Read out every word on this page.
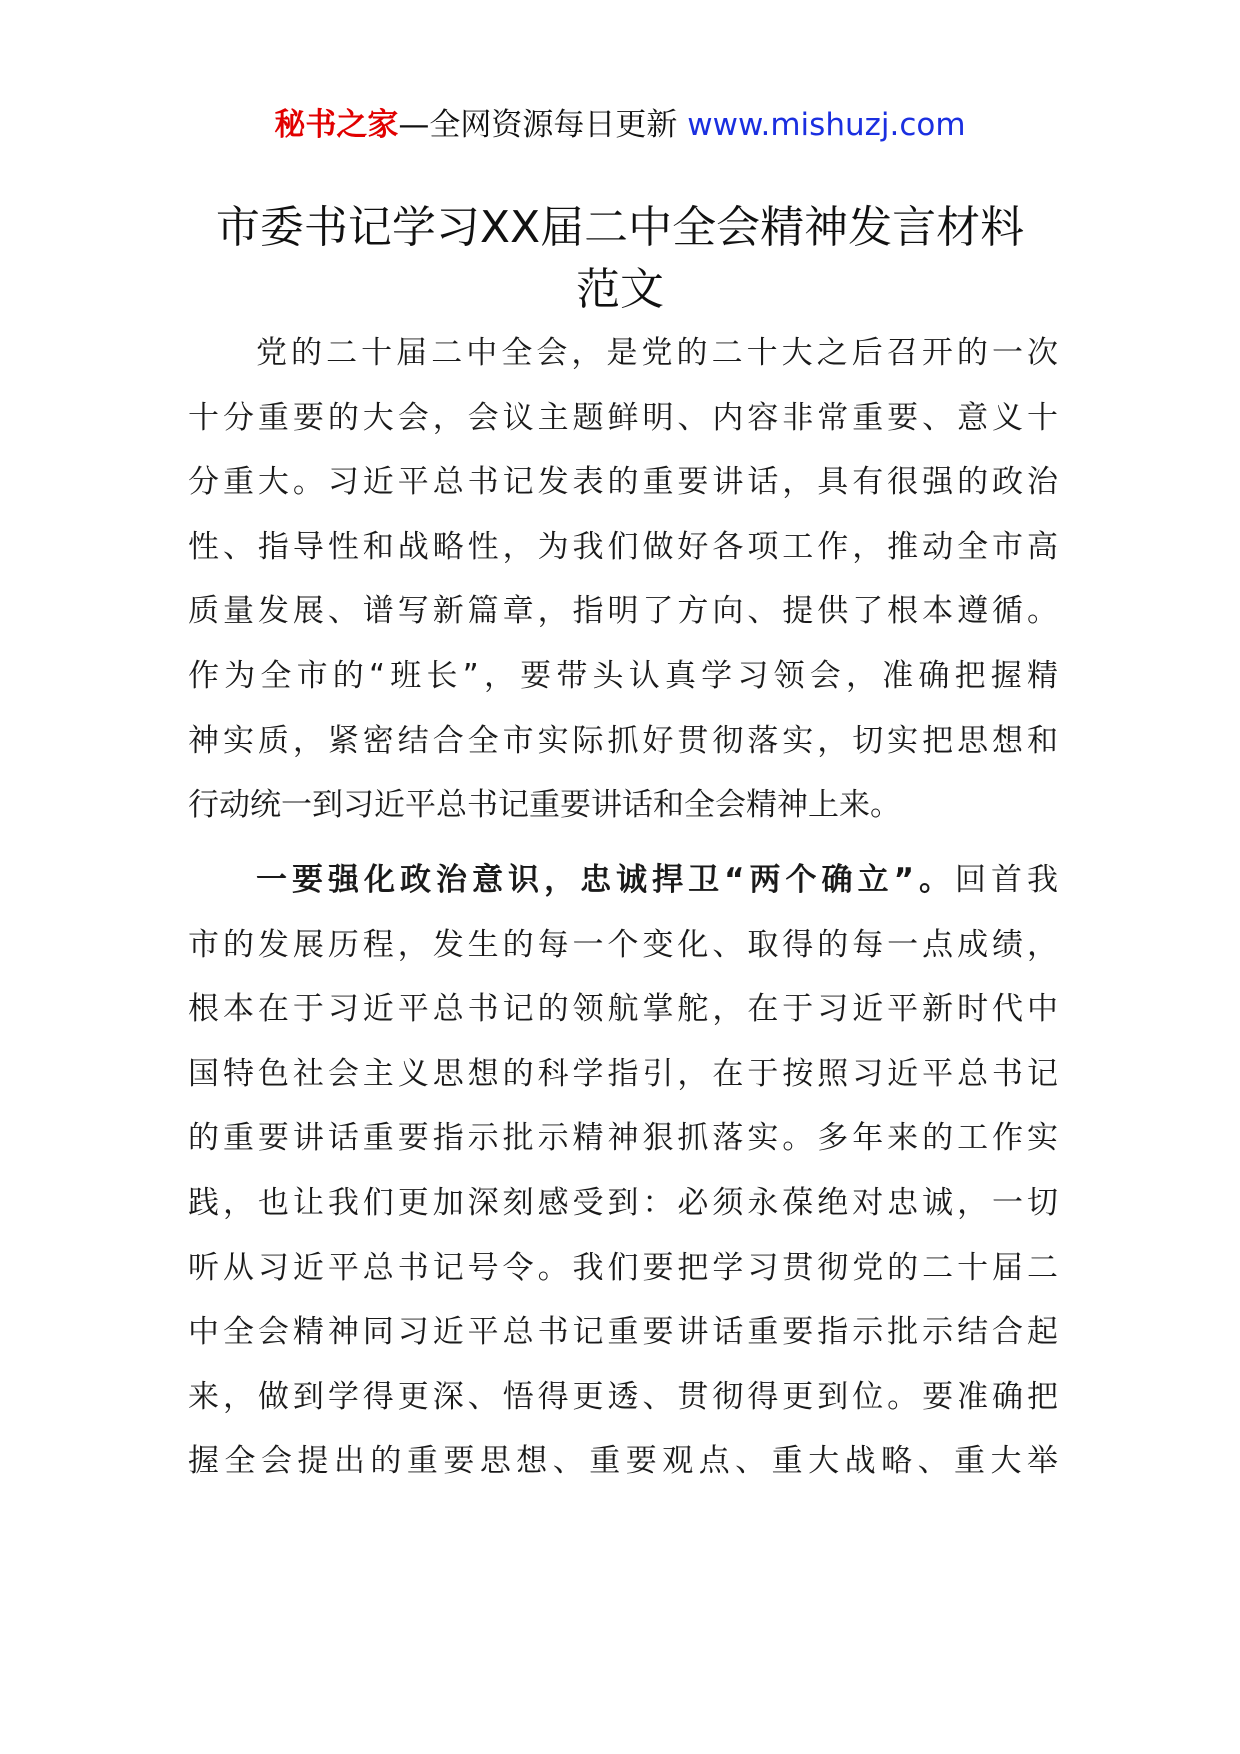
秘书之家—全网资源每日更新 www.mishuzj.com
市委书记学习XX届二中全会精神发言材料
范文
党的二十届二中全会，是党的二十大之后召开的一次
十分重要的大会，会议主题鲜明、内容非常重要、意义十
分重大。习近平总书记发表的重要讲话，具有很强的政治
性、指导性和战略性，为我们做好各项工作，推动全市高
质量发展、谱写新篇章，指明了方向、提供了根本遵循。
作为全市的“班长”，要带头认真学习领会，准确把握精
神实质，紧密结合全市实际抓好贯彻落实，切实把思想和
行动统一到习近平总书记重要讲话和全会精神上来。
一要强化政治意识，忠诚捍卫“两个确立”。回首我
市的发展历程，发生的每一个变化、取得的每一点成绩，
根本在于习近平总书记的领航掌舵，在于习近平新时代中
国特色社会主义思想的科学指引，在于按照习近平总书记
的重要讲话重要指示批示精神狠抓落实。多年来的工作实
践，也让我们更加深刻感受到：必须永葆绝对忠诚，一切
听从习近平总书记号令。我们要把学习贯彻党的二十届二
中全会精神同习近平总书记重要讲话重要指示批示结合起
来，做到学得更深、悟得更透、贯彻得更到位。要准确把
握全会提出的重要思想、重要观点、重大战略、重大举
